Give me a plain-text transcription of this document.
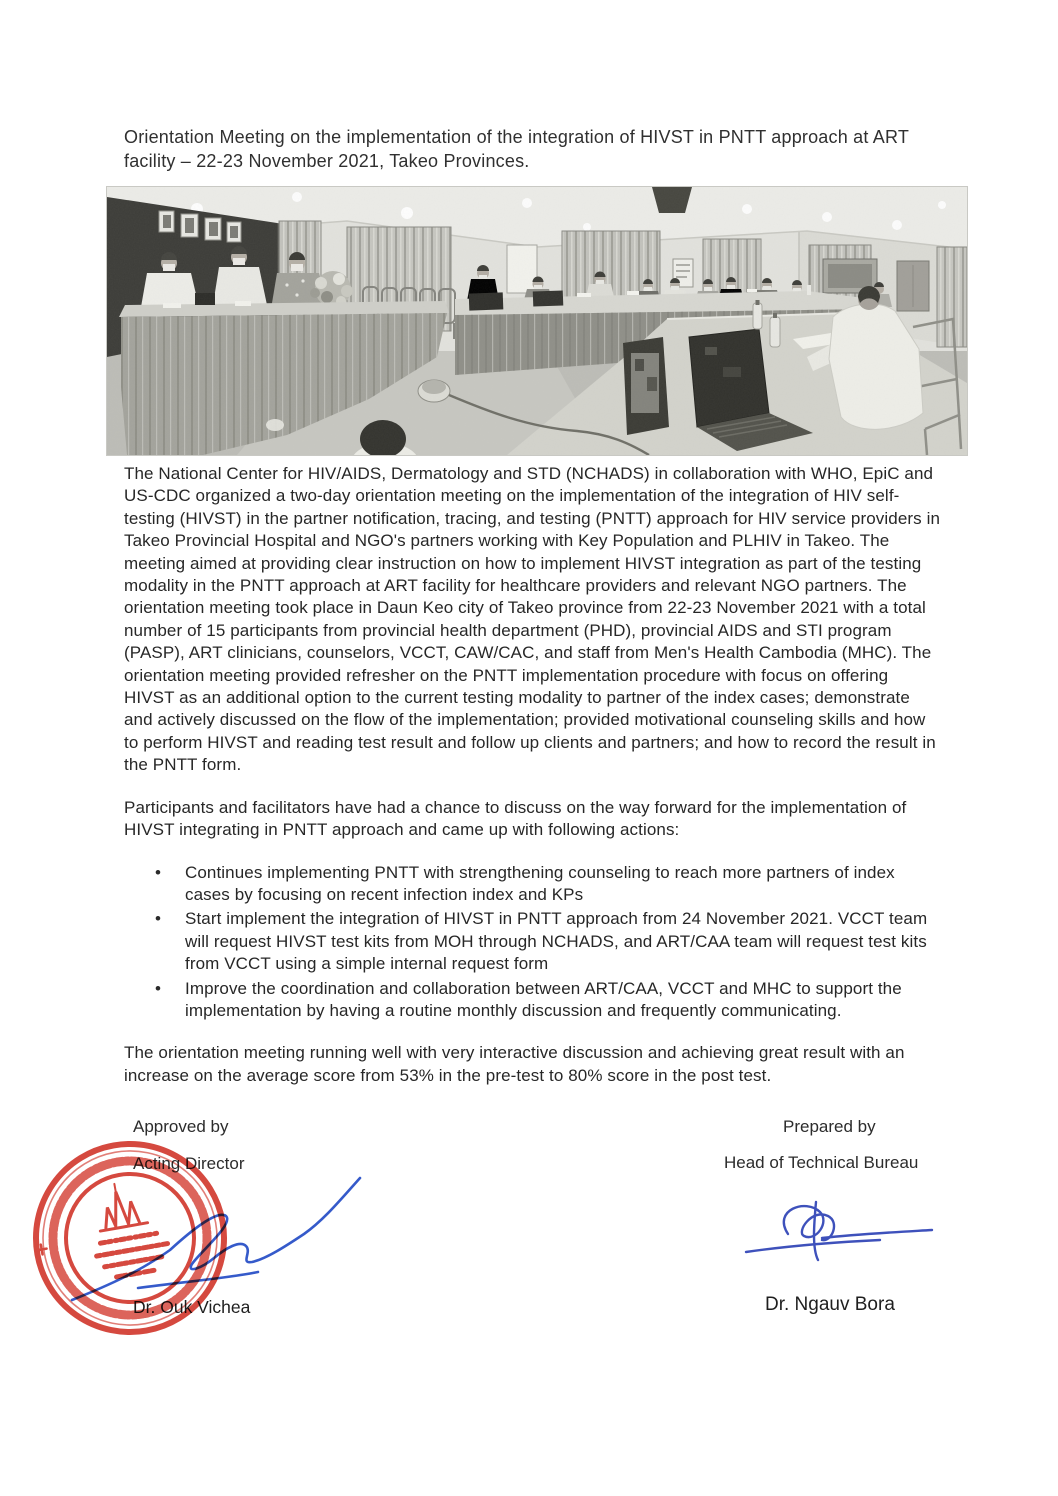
Orientation Meeting on the implementation of the integration of HIVST in PNTT approach at ART facility – 22-23 November 2021, Takeo Provinces.

The National Center for HIV/AIDS, Dermatology and STD (NCHADS) in collaboration with WHO, EpiC and US-CDC organized a two-day orientation meeting on the implementation of the integration of HIV self-testing (HIVST) in the partner notification, tracing, and testing (PNTT) approach for HIV service providers in Takeo Provincial Hospital and NGO's partners working with Key Population and PLHIV in Takeo. The meeting aimed at providing clear instruction on how to implement HIVST integration as part of the testing modality in the PNTT approach at ART facility for healthcare providers and relevant NGO partners. The orientation meeting took place in Daun Keo city of Takeo province from 22-23 November 2021 with a total number of 15 participants from provincial health department (PHD), provincial AIDS and STI program (PASP), ART clinicians, counselors, VCCT, CAW/CAC, and staff from Men's Health Cambodia (MHC). The orientation meeting provided refresher on the PNTT implementation procedure with focus on offering HIVST as an additional option to the current testing modality to partner of the index cases; demonstrate and actively discussed on the flow of the implementation; provided motivational counseling skills and how to perform HIVST and reading test result and follow up clients and partners; and how to record the result in the PNTT form.

Participants and facilitators have had a chance to discuss on the way forward for the implementation of HIVST integrating in PNTT approach and came up with following actions:

• Continues implementing PNTT with strengthening counseling to reach more partners of index cases by focusing on recent infection index and KPs
• Start implement the integration of HIVST in PNTT approach from 24 November 2021. VCCT team will request HIVST test kits from MOH through NCHADS, and ART/CAA team will request test kits from VCCT using a simple internal request form
• Improve the coordination and collaboration between ART/CAA, VCCT and MHC to support the implementation by having a routine monthly discussion and frequently communicating.

The orientation meeting running well with very interactive discussion and achieving great result with an increase on the average score from 53% in the pre-test to 80% score in the post test.

Approved by
Acting Director
Dr. Ouk Vichea
Prepared by
Head of Technical Bureau
Dr. Ngauv Bora
